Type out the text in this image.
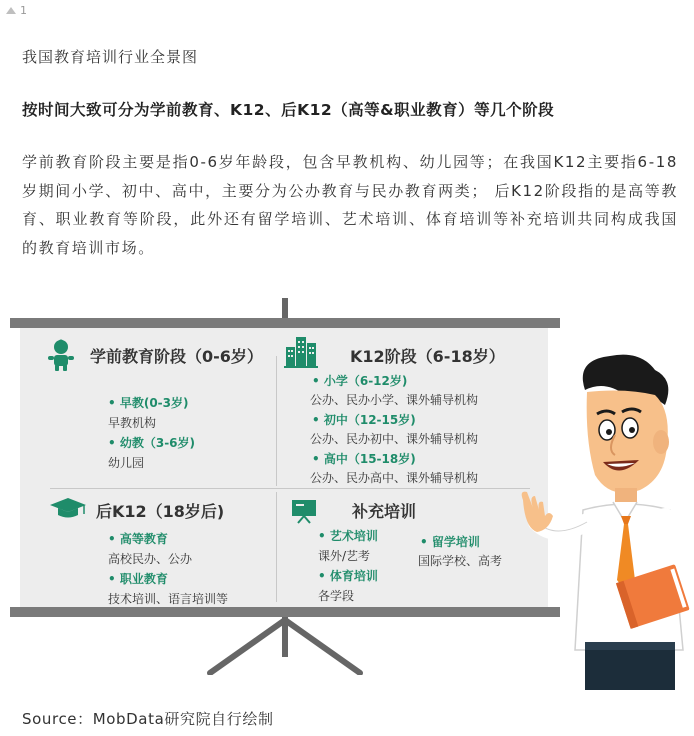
1
我国教育培训行业全景图
按时间大致可分为学前教育、K12、后K12（高等&职业教育）等几个阶段
学前教育阶段主要是指0-6岁年龄段，包含早教机构、幼儿园等；在我国K12主要指6-18岁期间小学、初中、高中，主要分为公办教育与民办教育两类； 后K12阶段指的是高等教育、职业教育等阶段，此外还有留学培训、艺术培训、体育培训等补充培训共同构成我国的教育培训市场。
学前教育阶段（0-6岁）
• 早教(0-3岁)
早教机构
• 幼教（3-6岁)
幼儿园
K12阶段（6-18岁）
• 小学（6-12岁)
公办、民办小学、课外辅导机构
• 初中（12-15岁)
公办、民办初中、课外辅导机构
• 高中（15-18岁)
公办、民办高中、课外辅导机构
后K12（18岁后)
• 高等教育
高校民办、公办
• 职业教育
技术培训、语言培训等
补充培训
• 艺术培训
课外/艺考
• 体育培训
各学段
• 留学培训
国际学校、高考
Source：MobData研究院自行绘制
